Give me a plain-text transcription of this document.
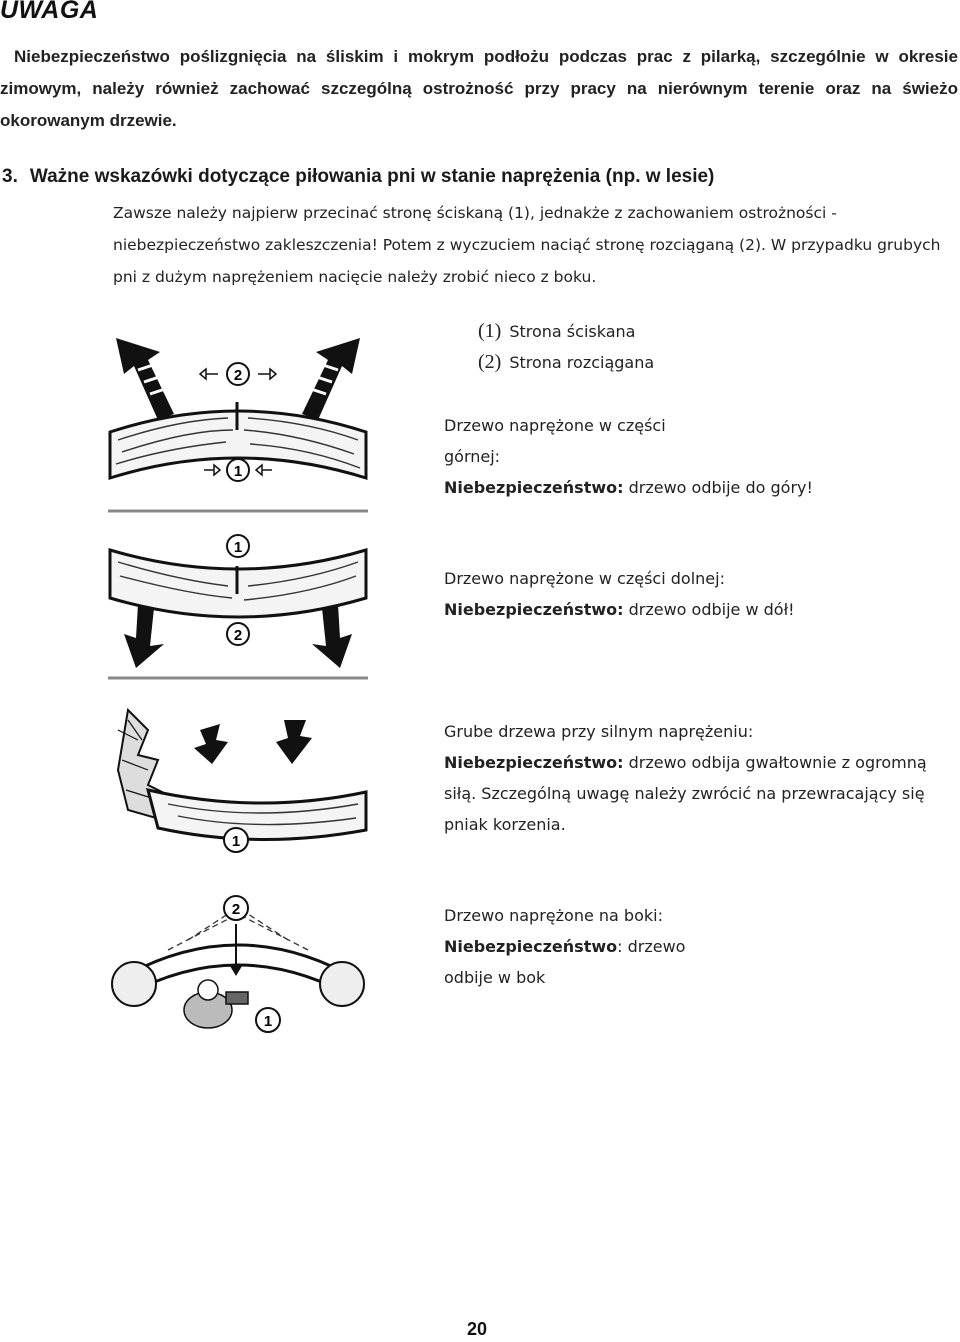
UWAGA
Niebezpieczeństwo poślizgnięcia na śliskim i mokrym podłożu podczas prac z pilarką, szczególnie w okresie zimowym, należy również zachować szczególną ostrożność przy pracy na nierównym terenie oraz na świeżo okorowanym drzewie.
3. Ważne wskazówki dotyczące piłowania pni w stanie naprężenia (np. w lesie)
Zawsze należy najpierw przecinać stronę ściskaną (1), jednakże z zachowaniem ostrożności - niebezpieczeństwo zakleszczenia! Potem z wyczuciem naciąć stronę rozciąganą (2). W przypadku grubych pni z dużym naprężeniem nacięcie należy zrobić nieco z boku.
(1) Strona ściskana
(2) Strona rozciągana
Drzewo naprężone w części
górnej:
Niebezpieczeństwo: drzewo odbije do góry!
Drzewo naprężone w części dolnej:
Niebezpieczeństwo: drzewo odbije w dół!
Grube drzewa przy silnym naprężeniu:
Niebezpieczeństwo: drzewo odbija gwałtownie z ogromną
siłą. Szczególną uwagę należy zwrócić na przewracający się
pniak korzenia.
Drzewo naprężone na boki:
Niebezpieczeństwo: drzewo
odbije w bok
2
1
1
2
1
2
1
20
